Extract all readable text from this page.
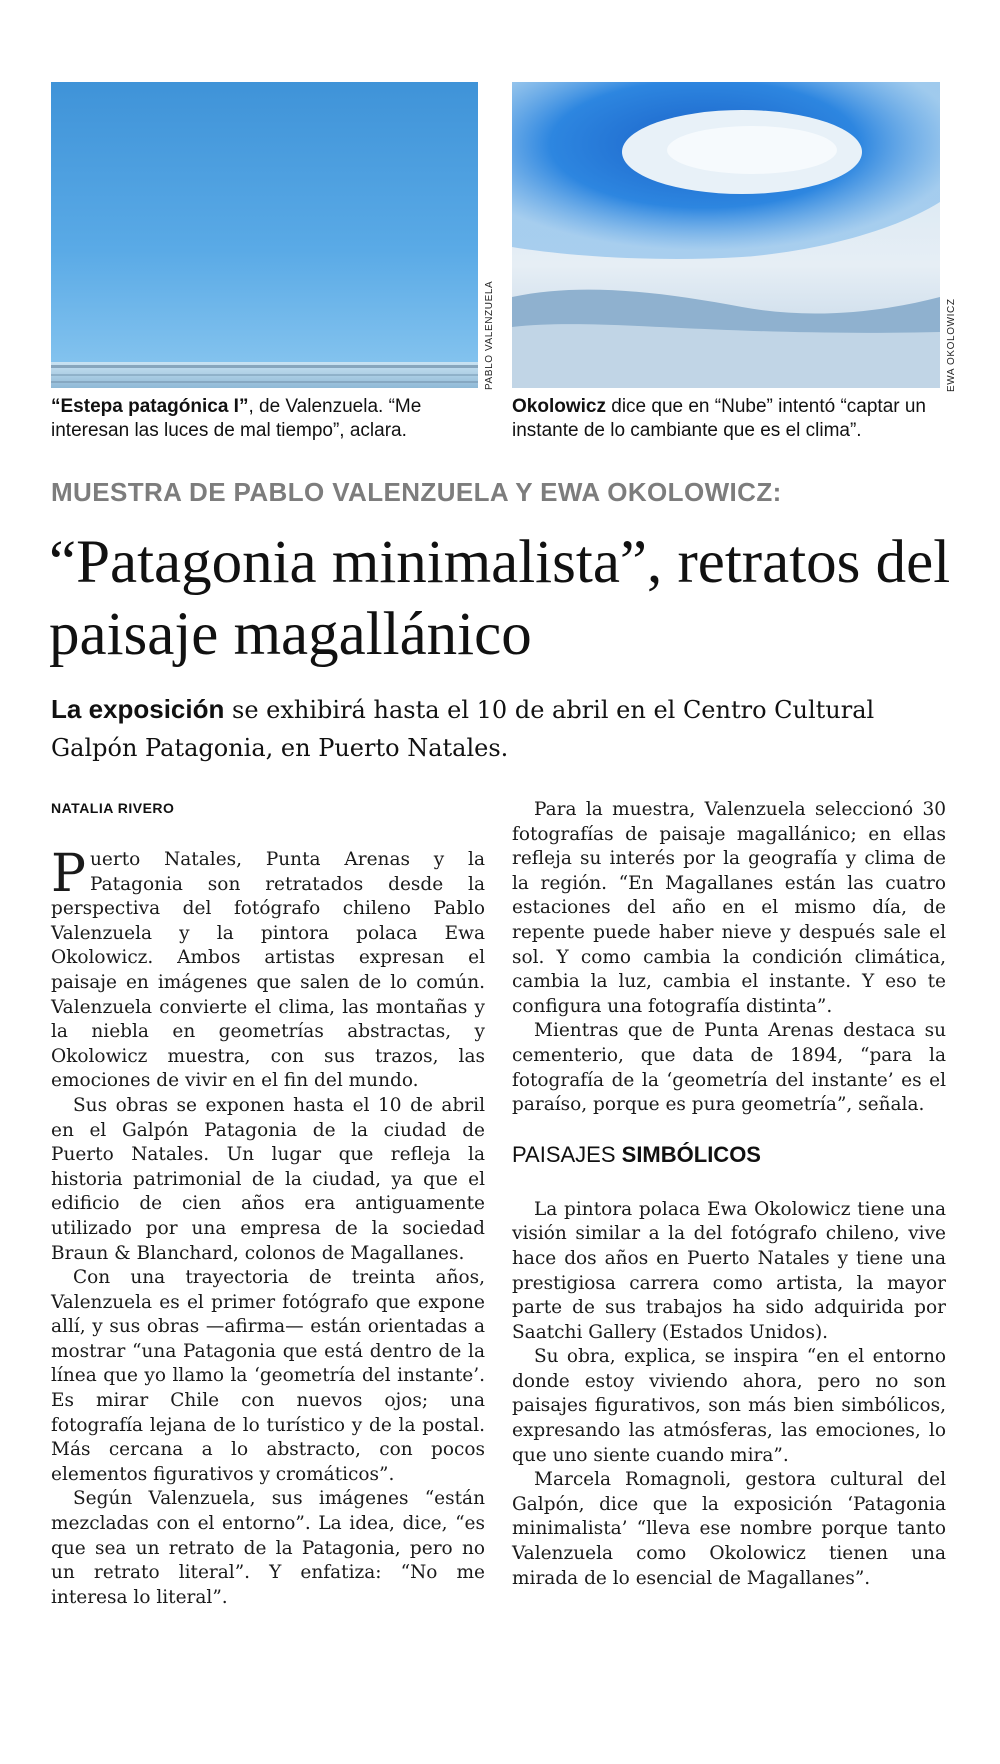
PABLO VALENZUELA	EWA OKOLOWICZ
“Estepa patagónica I”, de Valenzuela. “Me interesan las luces de mal tiempo”, aclara.
Okolowicz dice que en “Nube” intentó “captar un instante de lo cambiante que es el clima”.
MUESTRA DE PABLO VALENZUELA Y EWA OKOLOWICZ:
“Patagonia minimalista”, retratos del paisaje magallánico
La exposición se exhibirá hasta el 10 de abril en el Centro Cultural Galpón Patagonia, en Puerto Natales.
NATALIA RIVERO

Puerto Natales, Punta Arenas y la Patagonia son retratados desde la perspectiva del fotógrafo chileno Pablo Valenzuela y la pintora polaca Ewa Okolowicz. Ambos artistas expresan el paisaje en imágenes que salen de lo común. Valenzuela convierte el clima, las montañas y la niebla en geometrías abstractas, y Okolowicz muestra, con sus trazos, las emociones de vivir en el fin del mundo.

Sus obras se exponen hasta el 10 de abril en el Galpón Patagonia de la ciudad de Puerto Natales. Un lugar que refleja la historia patrimonial de la ciudad, ya que el edificio de cien años era antiguamente utilizado por una empresa de la sociedad Braun & Blanchard, colonos de Magallanes.

Con una trayectoria de treinta años, Valenzuela es el primer fotógrafo que expone allí, y sus obras —afirma— están orientadas a mostrar “una Patagonia que está dentro de la línea que yo llamo la ‘geometría del instante’. Es mirar Chile con nuevos ojos; una fotografía lejana de lo turístico y de la postal. Más cercana a lo abstracto, con pocos elementos figurativos y cromáticos”.

Según Valenzuela, sus imágenes “están mezcladas con el entorno”. La idea, dice, “es que sea un retrato de la Patagonia, pero no un retrato literal”. Y enfatiza: “No me interesa lo literal”.

Para la muestra, Valenzuela seleccionó 30 fotografías de paisaje magallánico; en ellas refleja su interés por la geografía y clima de la región. “En Magallanes están las cuatro estaciones del año en el mismo día, de repente puede haber nieve y después sale el sol. Y como cambia la condición climática, cambia la luz, cambia el instante. Y eso te configura una fotografía distinta”.

Mientras que de Punta Arenas destaca su cementerio, que data de 1894, “para la fotografía de la ‘geometría del instante’ es el paraíso, porque es pura geometría”, señala.

PAISAJES SIMBÓLICOS

La pintora polaca Ewa Okolowicz tiene una visión similar a la del fotógrafo chileno, vive hace dos años en Puerto Natales y tiene una prestigiosa carrera como artista, la mayor parte de sus trabajos ha sido adquirida por Saatchi Gallery (Estados Unidos).

Su obra, explica, se inspira “en el entorno donde estoy viviendo ahora, pero no son paisajes figurativos, son más bien simbólicos, expresando las atmósferas, las emociones, lo que uno siente cuando mira”.

Marcela Romagnoli, gestora cultural del Galpón, dice que la exposición ‘Patagonia minimalista’ “lleva ese nombre porque tanto Valenzuela como Okolowicz tienen una mirada de lo esencial de Magallanes”.
